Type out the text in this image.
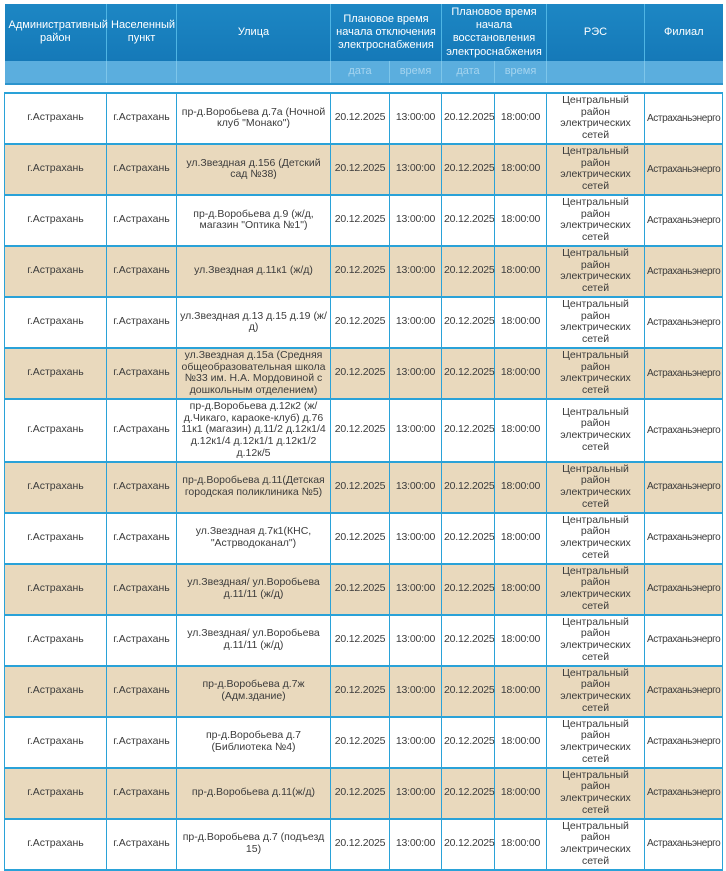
Административный район	Населенный пункт	Улица	Плановое время начала отключения электроснабжения		Плановое время начала восстановления электроснабжения		РЭС	Филиал
			дата	время	дата	время		

г.Астрахань	г.Астрахань	пр-д.Воробьева д.7а (Ночной клуб "Монако")	20.12.2025	13:00:00	20.12.2025	18:00:00	Центральный район электрических сетей	Астраханьэнерго
г.Астрахань	г.Астрахань	ул.Звездная д.156 (Детский сад №38)	20.12.2025	13:00:00	20.12.2025	18:00:00	Центральный район электрических сетей	Астраханьэнерго
г.Астрахань	г.Астрахань	пр-д.Воробьева д.9 (ж/д, магазин "Оптика №1")	20.12.2025	13:00:00	20.12.2025	18:00:00	Центральный район электрических сетей	Астраханьэнерго
г.Астрахань	г.Астрахань	ул.Звездная д.11к1 (ж/д)	20.12.2025	13:00:00	20.12.2025	18:00:00	Центральный район электрических сетей	Астраханьэнерго
г.Астрахань	г.Астрахань	ул.Звездная д.13 д.15 д.19 (ж/д)	20.12.2025	13:00:00	20.12.2025	18:00:00	Центральный район электрических сетей	Астраханьэнерго
г.Астрахань	г.Астрахань	ул.Звездная д.15а (Средняя общеобразовательная школа №33 им. Н.А. Мордовиной с дошкольным отделением)	20.12.2025	13:00:00	20.12.2025	18:00:00	Центральный район электрических сетей	Астраханьэнерго
г.Астрахань	г.Астрахань	пр-д.Воробьева д.12к2 (ж/д.Чикаго, караоке-клуб) д.76 11к1 (магазин) д.11/2 д.12к1/4 д.12к1/4 д.12к1/1 д.12к1/2 д.12к/5	20.12.2025	13:00:00	20.12.2025	18:00:00	Центральный район электрических сетей	Астраханьэнерго
г.Астрахань	г.Астрахань	пр-д.Воробьева д.11(Детская городская поликлиника №5)	20.12.2025	13:00:00	20.12.2025	18:00:00	Центральный район электрических сетей	Астраханьэнерго
г.Астрахань	г.Астрахань	ул.Звездная д.7к1(КНС, "Астрводоканал")	20.12.2025	13:00:00	20.12.2025	18:00:00	Центральный район электрических сетей	Астраханьэнерго
г.Астрахань	г.Астрахань	ул.Звездная/ ул.Воробьева д.11/11 (ж/д)	20.12.2025	13:00:00	20.12.2025	18:00:00	Центральный район электрических сетей	Астраханьэнерго
г.Астрахань	г.Астрахань	ул.Звездная/ ул.Воробьева д.11/11 (ж/д)	20.12.2025	13:00:00	20.12.2025	18:00:00	Центральный район электрических сетей	Астраханьэнерго
г.Астрахань	г.Астрахань	пр-д.Воробьева д.7ж (Адм.здание)	20.12.2025	13:00:00	20.12.2025	18:00:00	Центральный район электрических сетей	Астраханьэнерго
г.Астрахань	г.Астрахань	пр-д.Воробьева д.7 (Библиотека №4)	20.12.2025	13:00:00	20.12.2025	18:00:00	Центральный район электрических сетей	Астраханьэнерго
г.Астрахань	г.Астрахань	пр-д.Воробьева д.11(ж/д)	20.12.2025	13:00:00	20.12.2025	18:00:00	Центральный район электрических сетей	Астраханьэнерго
г.Астрахань	г.Астрахань	пр-д.Воробьева д.7 (подъезд 15)	20.12.2025	13:00:00	20.12.2025	18:00:00	Центральный район электрических сетей	Астраханьэнерго
